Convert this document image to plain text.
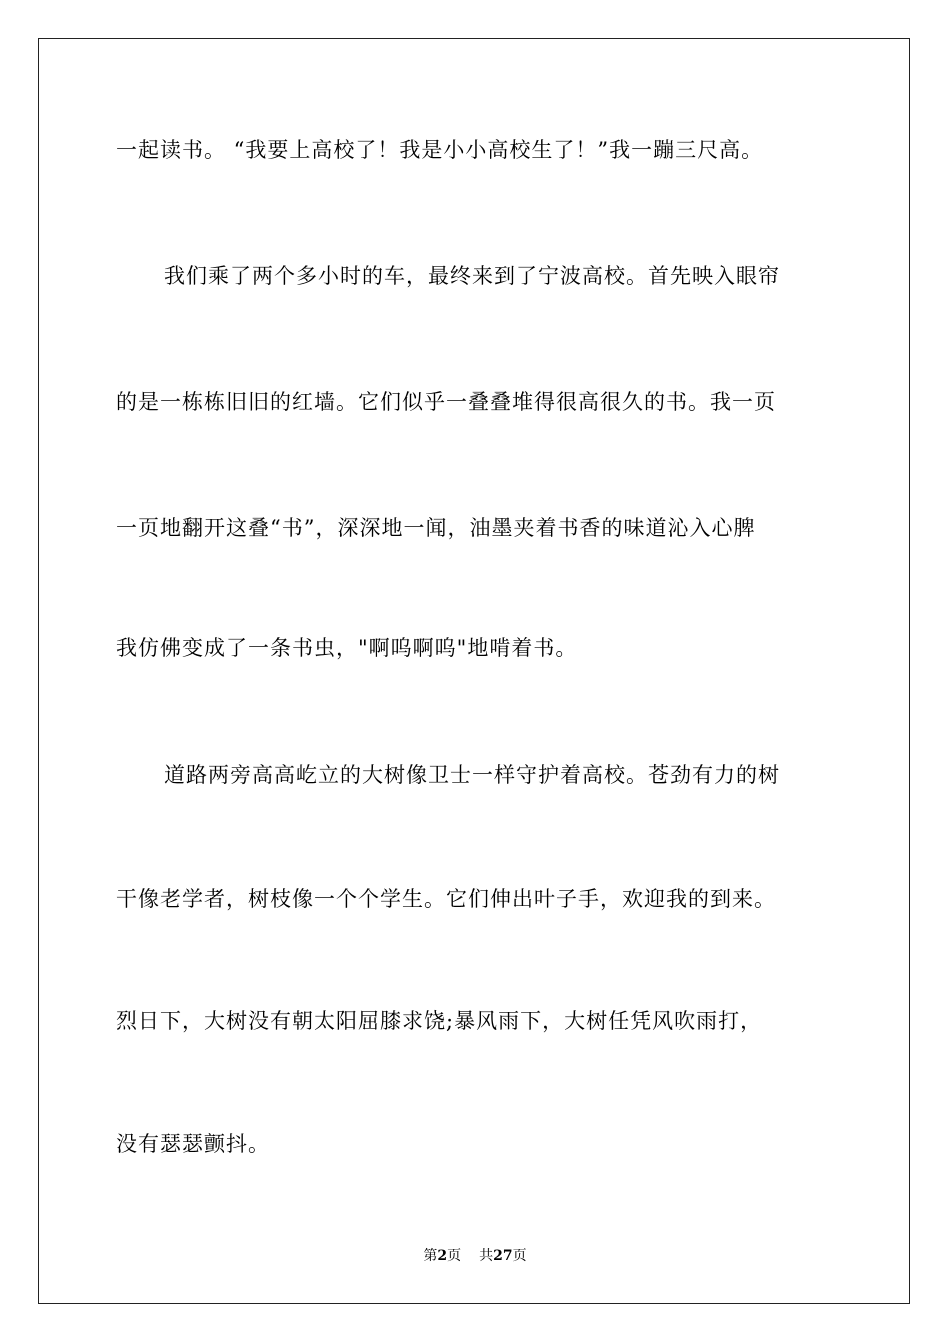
一起读书。 “我要上高校了！我是小小高校生了！”我一蹦三尺高。
我们乘了两个多小时的车，最终来到了宁波高校。首先映入眼帘
的是一栋栋旧旧的红墙。它们似乎一叠叠堆得很高很久的书。我一页
一页地翻开这叠“书”，深深地一闻，油墨夹着书香的味道沁入心脾
我仿佛变成了一条书虫，"啊呜啊呜"地啃着书。
道路两旁高高屹立的大树像卫士一样守护着高校。苍劲有力的树
干像老学者，树枝像一个个学生。它们伸出叶子手，欢迎我的到来。
烈日下，大树没有朝太阳屈膝求饶;暴风雨下，大树任凭风吹雨打，
没有瑟瑟颤抖。
第2页 共27页
